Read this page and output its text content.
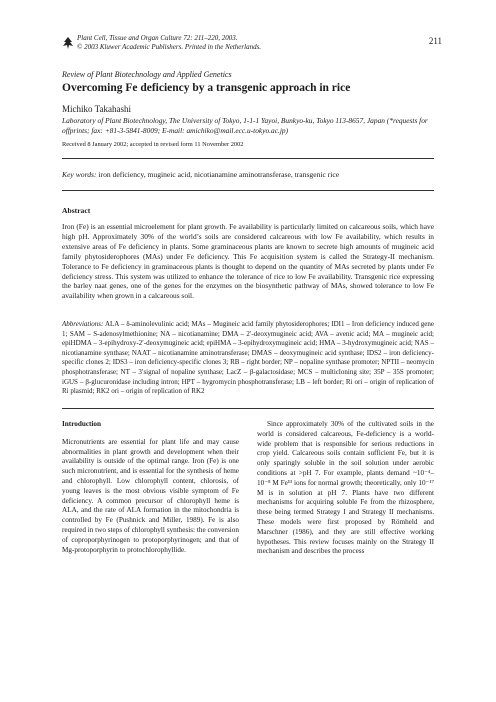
Plant Cell, Tissue and Organ Culture 72: 211–220, 2003.
© 2003 Kluwer Academic Publishers. Printed in the Netherlands.
211
Review of Plant Biotechnology and Applied Genetics
Overcoming Fe deficiency by a transgenic approach in rice
Michiko Takahashi
Laboratory of Plant Biotechnology, The University of Tokyo, 1-1-1 Yayoi, Bunkyo-ku, Tokyo 113-8657, Japan (*requests for offprints; fax: +81-3-5841-8009; E-mail: amichiko@mail.ecc.u-tokyo.ac.jp)
Received 8 January 2002; accepted in revised form 11 November 2002
Key words: iron deficiency, mugineic acid, nicotianamine aminotransferase, transgenic rice
Abstract
Iron (Fe) is an essential microelement for plant growth. Fe availability is particularly limited on calcareous soils, which have high pH. Approximately 30% of the world’s soils are considered calcareous with low Fe availability, which results in extensive areas of Fe deficiency in plants. Some graminaceous plants are known to secrete high amounts of mugineic acid family phytosiderophores (MAs) under Fe deficiency. This Fe acquisition system is called the Strategy-II mechanism. Tolerance to Fe deficiency in graminaceous plants is thought to depend on the quantity of MAs secreted by plants under Fe deficiency stress. This system was utilized to enhance the tolerance of rice to low Fe availability. Transgenic rice expressing the barley naat genes, one of the genes for the enzymes on the biosynthetic pathway of MAs, showed tolerance to low Fe availability when grown in a calcareous soil.
Abbreviations: ALA – δ-aminolevulinic acid; MAs – Mugineic acid family phytosiderophores; IDI1 – Iron deficiency induced gene 1; SAM – S-adenosylmethionine; NA – nicotianamine; DMA – 2′-deoxymugineic acid; AVA – avenic acid; MA – mugineic acid; epiHDMA – 3-epihydroxy-2′-deoxymugineic acid; epiHMA – 3-epihydroxymugineic acid; HMA – 3-hydroxymugineic acid; NAS – nicotianamine synthase; NAAT – nicotianamine aminotransferase; DMAS – deoxymugineic acid synthase; IDS2 – iron deficiency-specific clones 2; IDS3 – iron deficiency-specific clones 3; RB – right border; NP – nopaline synthase promoter; NPTII – neomycin phosphotransferase; NT – 3′signal of nopaline synthase; LacZ – β-galactosidase; MCS – multicloning site; 35P – 35S promoter; iGUS – β-glucuronidase including intron; HPT – hygromycin phosphotransferase; LB – left border; Ri ori – origin of replication of Ri plasmid; RK2 ori – origin of replication of RK2
Introduction

Micronutrients are essential for plant life and may cause abnormalities in plant growth and development when their availability is outside of the optimal range. Iron (Fe) is one such micronutrient, and is essential for the synthesis of heme and chlorophyll. Low chlorophyll content, chlorosis, of young leaves is the most obvious visible symptom of Fe deficiency. A common precursor of chlorophyll heme is ALA, and the rate of ALA formation in the mitochondria is controlled by Fe (Pushnick and Miller, 1989). Fe is also required in two steps of chlorophyll synthesis: the conversion of coproporphyrinogen to protoporphyrinogen; and that of Mg-protoporphyrin to protochlorophyllide.

Since approximately 30% of the cultivated soils in the world is considered calcareous, Fe-deficiency is a world-wide problem that is responsible for serious reductions in crop yield. Calcareous soils contain sufficient Fe, but it is only sparingly soluble in the soil solution under aerobic conditions at >pH 7. For example, plants demand ~10⁻⁴–10⁻⁸ M Feᴵᴵᴵ ions for normal growth; theoretically, only 10⁻¹⁷ M is in solution at pH 7. Plants have two different mechanisms for acquiring soluble Fe from the rhizosphere, these being termed Strategy I and Strategy II mechanisms. These models were first proposed by Römheld and Marschner (1986), and they are still effective working hypotheses. This review focuses mainly on the Strategy II mechanism and describes the process
